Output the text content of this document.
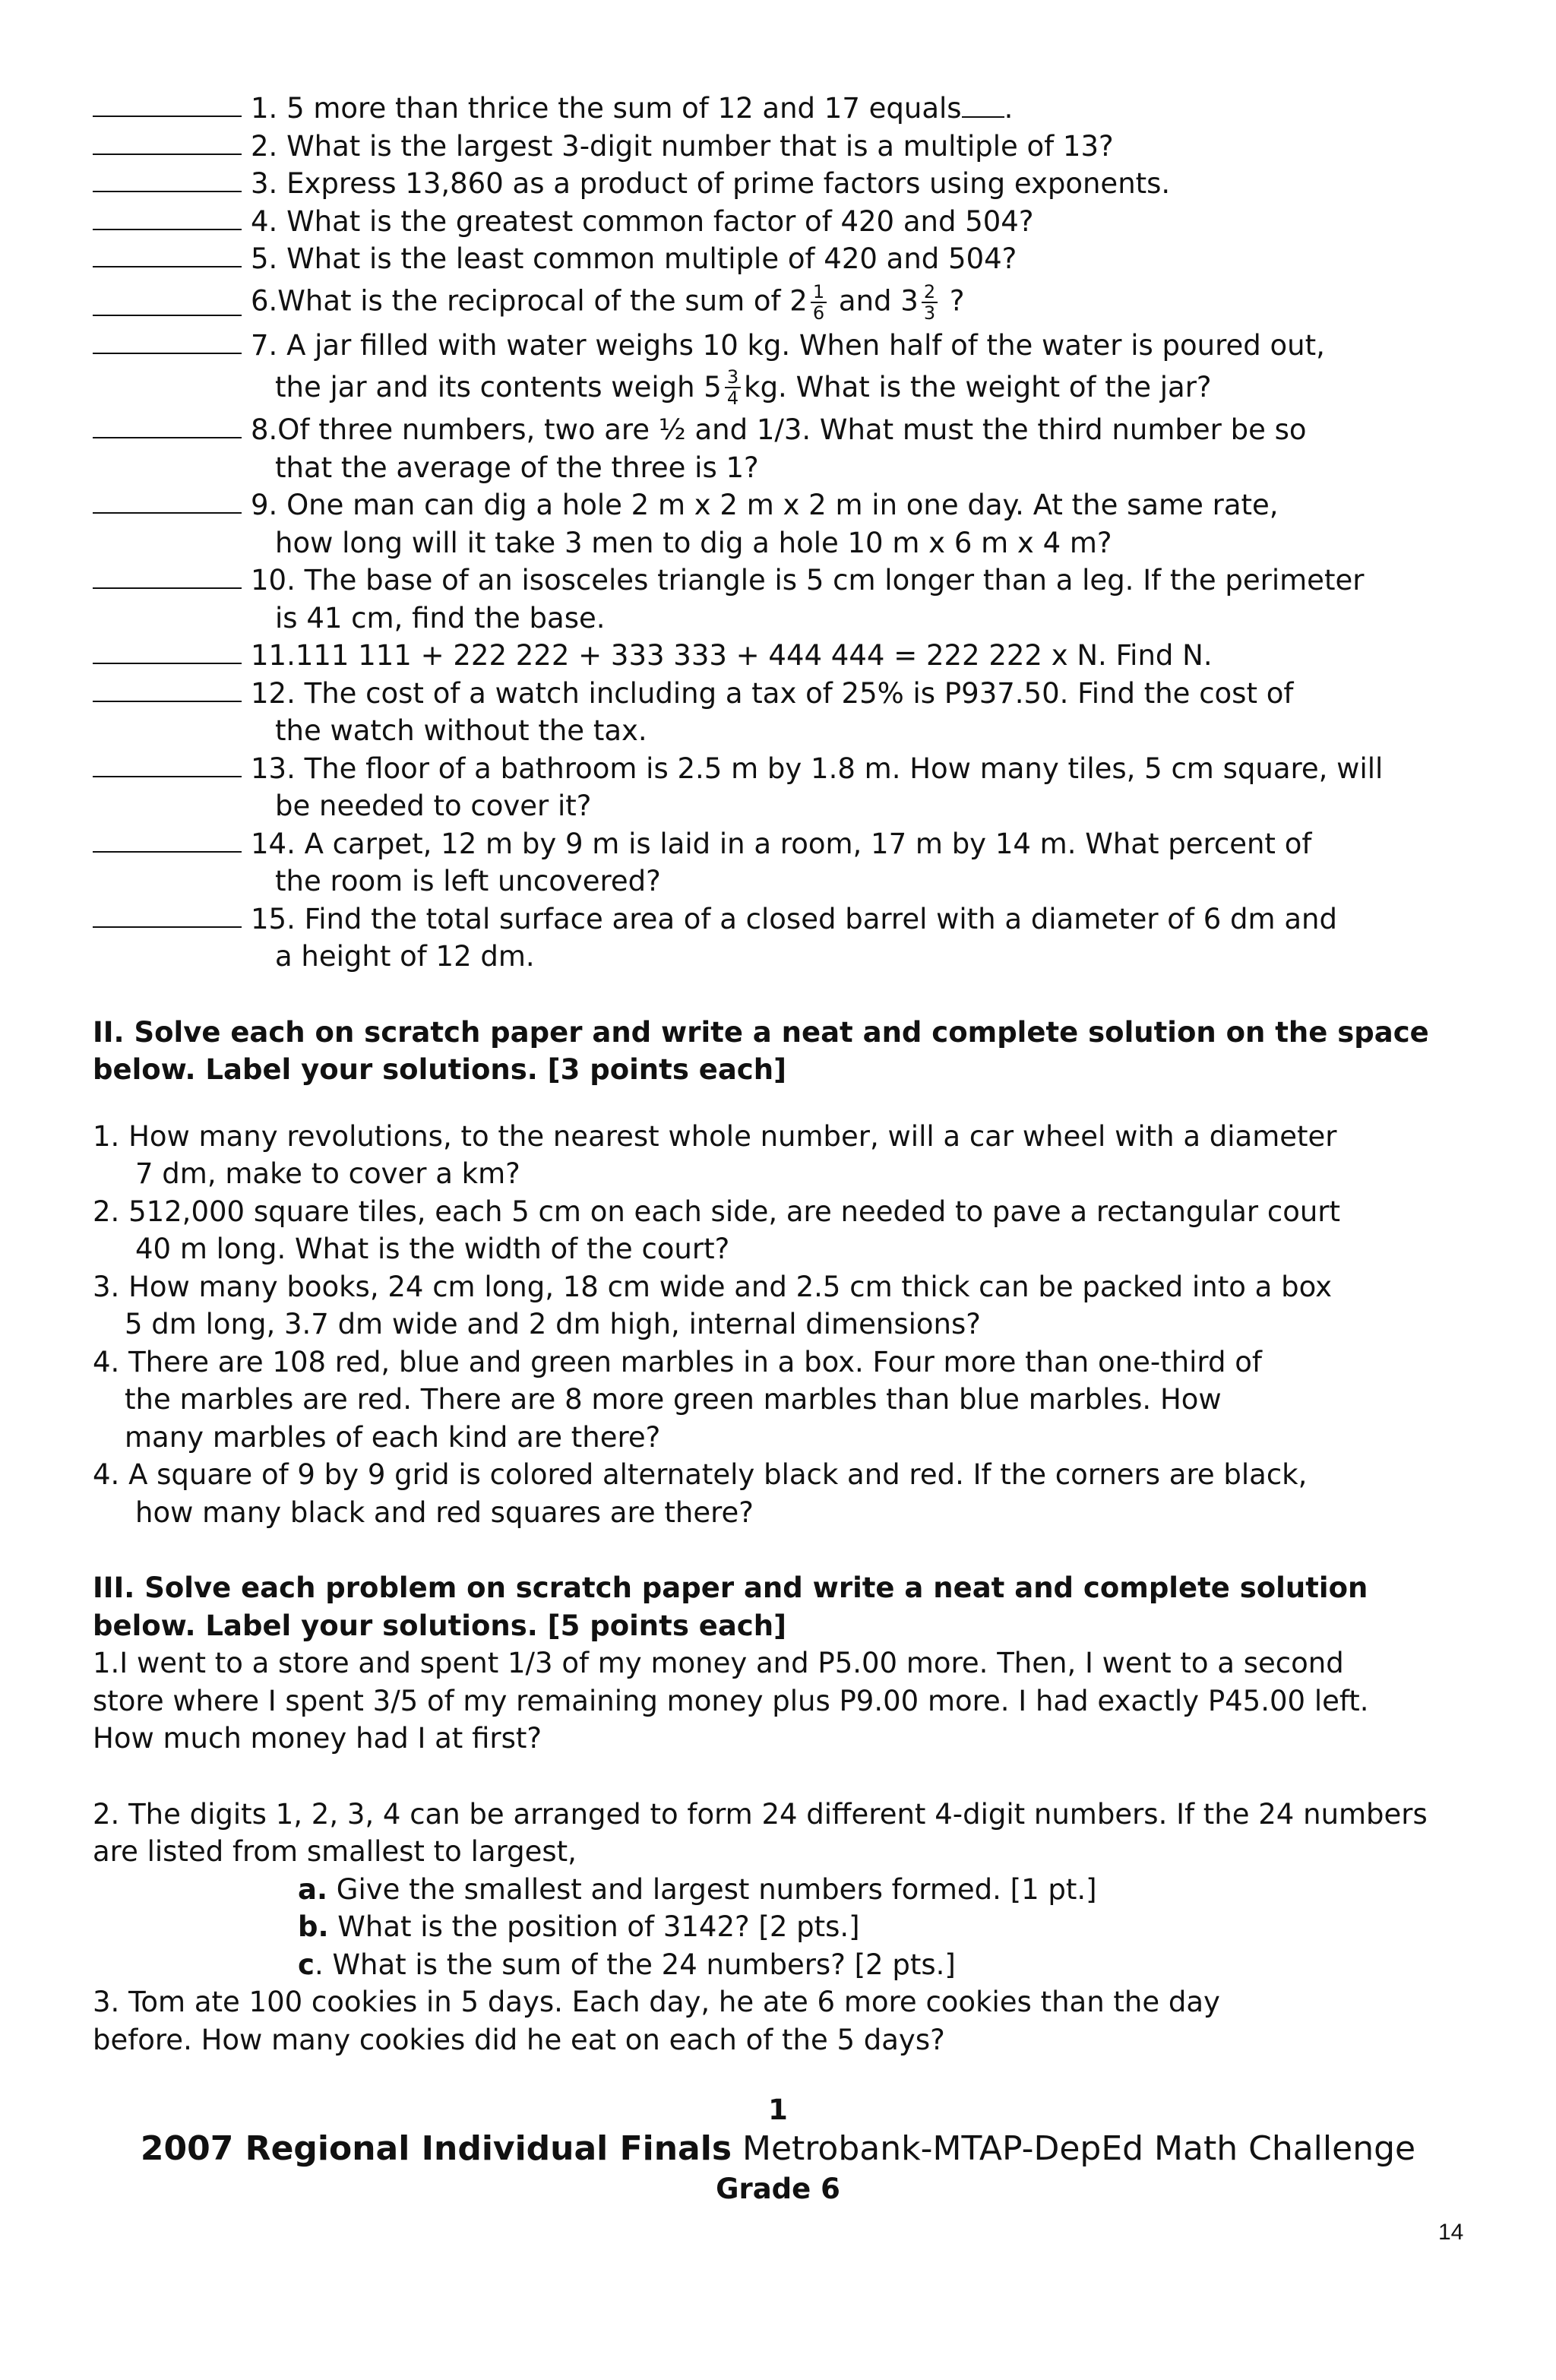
1. 5 more than thrice the sum of 12 and 17 equals .
2. What is the largest 3-digit number that is a multiple of 13?
3. Express 13,860 as a product of prime factors using exponents.
4. What is the greatest common factor of 420 and 504?
5. What is the least common multiple of 420 and 504?
6.What is the reciprocal of the sum of $2 \frac{1}{6}$ and $3 \frac{2}{3}$ ?
7. A jar filled with water weighs 10 kg. When half of the water is poured out,
the jar and its contents weigh $5 \frac{3}{4}$ kg. What is the weight of the jar?
8.Of three numbers, two are ½ and 1/3. What must the third number be so
that the average of the three is 1?
9. One man can dig a hole 2 m x 2 m x 2 m in one day. At the same rate,
how long will it take 3 men to dig a hole 10 m x 6 m x 4 m?
10. The base of an isosceles triangle is 5 cm longer than a leg. If the perimeter
is 41 cm, find the base.
11.111 111 + 222 222 + 333 333 + 444 444 = 222 222 x N. Find N.
12. The cost of a watch including a tax of 25% is P937.50. Find the cost of
the watch without the tax.
13. The floor of a bathroom is 2.5 m by 1.8 m. How many tiles, 5 cm square, will
be needed to cover it?
14. A carpet, 12 m by 9 m is laid in a room, 17 m by 14 m. What percent of
the room is left uncovered?
15. Find the total surface area of a closed barrel with a diameter of 6 dm and
a height of 12 dm.
II. Solve each on scratch paper and write a neat and complete solution on the space
below. Label your solutions. [3 points each]
1. How many revolutions, to the nearest whole number, will a car wheel with a diameter
7 dm, make to cover a km?
2. 512,000 square tiles, each 5 cm on each side, are needed to pave a rectangular court
40 m long. What is the width of the court?
3. How many books, 24 cm long, 18 cm wide and 2.5 cm thick can be packed into a box
5 dm long, 3.7 dm wide and 2 dm high, internal dimensions?
4. There are 108 red, blue and green marbles in a box. Four more than one-third of
the marbles are red. There are 8 more green marbles than blue marbles. How
many marbles of each kind are there?
4. A square of 9 by 9 grid is colored alternately black and red. If the corners are black,
how many black and red squares are there?
III. Solve each problem on scratch paper and write a neat and complete solution
below. Label your solutions. [5 points each]
1.I went to a store and spent 1/3 of my money and P5.00 more. Then, I went to a second
store where I spent 3/5 of my remaining money plus P9.00 more. I had exactly P45.00 left.
How much money had I at first?
2. The digits 1, 2, 3, 4 can be arranged to form 24 different 4-digit numbers. If the 24 numbers
are listed from smallest to largest,
a. Give the smallest and largest numbers formed. [1 pt.]
b. What is the position of 3142? [2 pts.]
c. What is the sum of the 24 numbers? [2 pts.]
3. Tom ate 100 cookies in 5 days. Each day, he ate 6 more cookies than the day
before. How many cookies did he eat on each of the 5 days?
1
2007 Regional Individual Finals Metrobank-MTAP-DepEd Math Challenge
Grade 6
14
